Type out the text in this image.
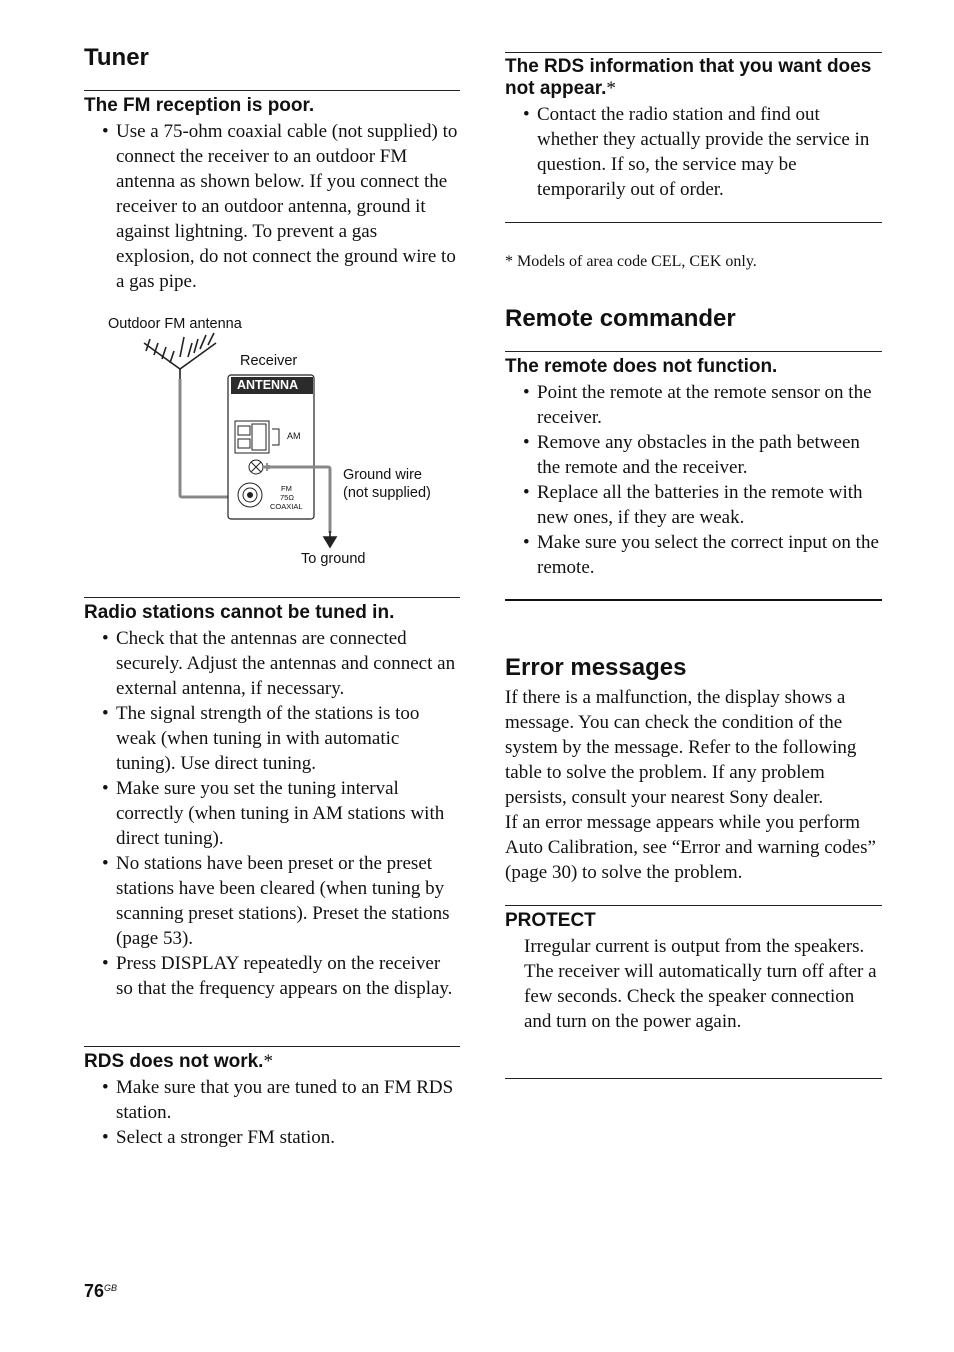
Tuner
The FM reception is poor.
• Use a 75-ohm coaxial cable (not supplied) to connect the receiver to an outdoor FM antenna as shown below. If you connect the receiver to an outdoor antenna, ground it against lightning. To prevent a gas explosion, do not connect the ground wire to a gas pipe.
Outdoor FM antenna
Receiver
ANTENNA
AM
FM
75Ω
COAXIAL
Ground wire
(not supplied)
To ground
Radio stations cannot be tuned in.
• Check that the antennas are connected securely. Adjust the antennas and connect an external antenna, if necessary.
• The signal strength of the stations is too weak (when tuning in with automatic tuning). Use direct tuning.
• Make sure you set the tuning interval correctly (when tuning in AM stations with direct tuning).
• No stations have been preset or the preset stations have been cleared (when tuning by scanning preset stations). Preset the stations (page 53).
• Press DISPLAY repeatedly on the receiver so that the frequency appears on the display.
RDS does not work.*
• Make sure that you are tuned to an FM RDS station.
• Select a stronger FM station.
The RDS information that you want does not appear.*
• Contact the radio station and find out whether they actually provide the service in question. If so, the service may be temporarily out of order.
* Models of area code CEL, CEK only.
Remote commander
The remote does not function.
• Point the remote at the remote sensor on the receiver.
• Remove any obstacles in the path between the remote and the receiver.
• Replace all the batteries in the remote with new ones, if they are weak.
• Make sure you select the correct input on the remote.
Error messages

If there is a malfunction, the display shows a message. You can check the condition of the system by the message. Refer to the following table to solve the problem. If any problem persists, consult your nearest Sony dealer.

If an error message appears while you perform Auto Calibration, see “Error and warning codes” (page 30) to solve the problem.

PROTECT

Irregular current is output from the speakers. The receiver will automatically turn off after a few seconds. Check the speaker connection and turn on the power again.

$76^{GB}$
